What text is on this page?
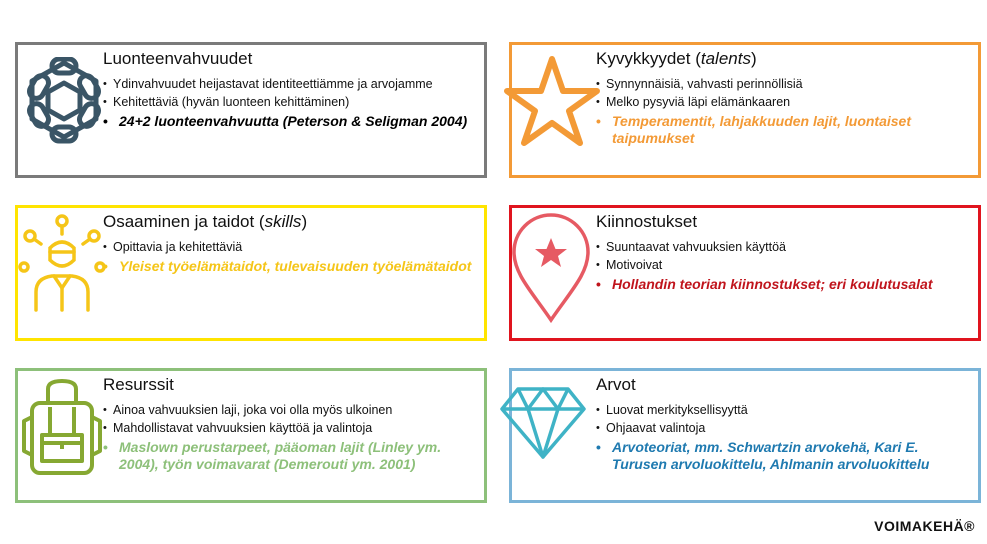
Luonteenvahvuudet
• Ydinvahvuudet heijastavat identiteettiämme ja arvojamme
• Kehitettäviä (hyvän luonteen kehittäminen)
• 24+2 luonteenvahvuutta (Peterson & Seligman 2004)
Kyvykkyydet (talents)
• Synnynnäisiä, vahvasti perinnöllisiä
• Melko pysyviä läpi elämänkaaren
• Temperamentit, lahjakkuuden lajit, luontaiset taipumukset
Osaaminen ja taidot (skills)
• Opittavia ja kehitettäviä
• Yleiset työelämätaidot, tulevaisuuden työelämätaidot
Kiinnostukset
• Suuntaavat vahvuuksien käyttöä
• Motivoivat
• Hollandin teorian kiinnostukset; eri koulutusalat
Resurssit
• Ainoa vahvuuksien laji, joka voi olla myös ulkoinen
• Mahdollistavat vahvuuksien käyttöä ja valintoja
• Maslown perustarpeet, pääoman lajit (Linley ym. 2004), työn voimavarat (Demerouti ym. 2001)
Arvot
• Luovat merkityksellisyyttä
• Ohjaavat valintoja
• Arvoteoriat, mm. Schwartzin arvokehä, Kari E. Turusen arvoluokittelu, Ahlmanin arvoluokittelu
VOIMAKEHÄ®
